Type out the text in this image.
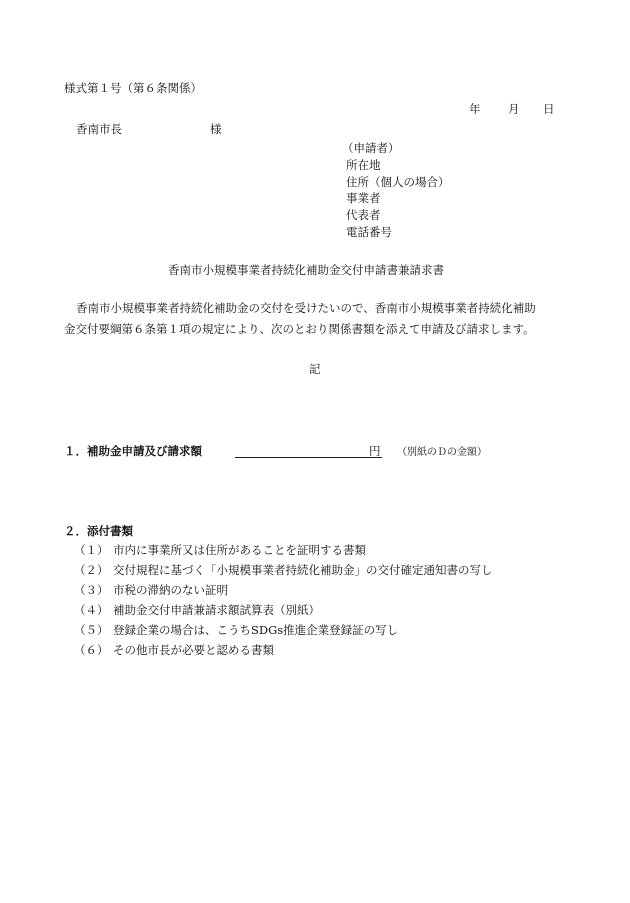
様式第１号（第６条関係）
年 月 日
香南市長	様
（申請者）
所在地
住所（個人の場合）
事業者
代表者
電話番号
香南市小規模事業者持続化補助金交付申請書兼請求書
香南市小規模事業者持続化補助金の交付を受けたいので、香南市小規模事業者持続化補助
金交付要綱第６条第１項の規定により、次のとおり関係書類を添えて申請及び請求します。
記
１．補助金申請及び請求額	円 （別紙のＤの金額）
２．添付書類
（１） 市内に事業所又は住所があることを証明する書類
（２） 交付規程に基づく「小規模事業者持続化補助金」の交付確定通知書の写し
（３） 市税の滞納のない証明
（４） 補助金交付申請兼請求額試算表（別紙）
（５） 登録企業の場合は、こうちSDGs推進企業登録証の写し
（６） その他市長が必要と認める書類
